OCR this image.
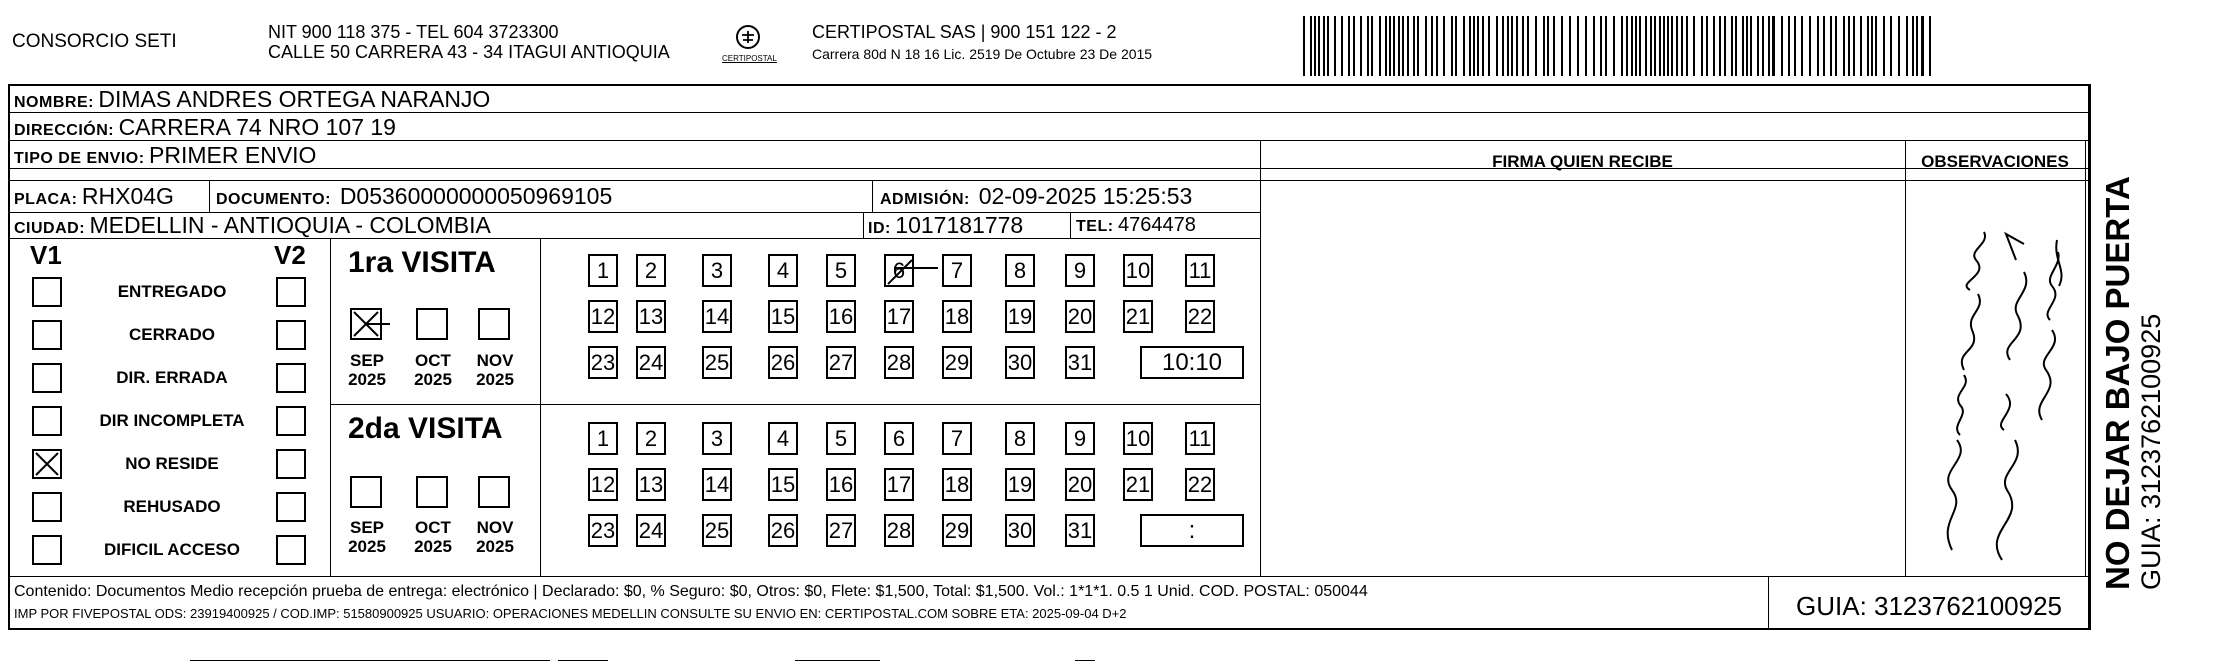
CONSORCIO SETI	NIT 900 118 375 - TEL 604 3723300
CALLE 50 CARRERA 43 - 34 ITAGUI ANTIOQUIA	CERTIPOSTAL
CERTIPOSTAL SAS | 900 151 122 - 2
Carrera 80d N 18 16 Lic. 2519 De Octubre 23 De 2015
NOMBRE: DIMAS ANDRES ORTEGA NARANJO
DIRECCIÓN: CARRERA 74 NRO 107 19
TIPO DE ENVIO: PRIMER ENVIO
PLACA: RHX04G	DOCUMENTO: D05360000000050969105	ADMISIÓN: 02-09-2025 15:25:53
CIUDAD: MEDELLIN - ANTIOQUIA - COLOMBIA	ID: 1017181778	TEL: 4764478
FIRMA QUIEN RECIBE	OBSERVACIONES
V1	V2
ENTREGADO
CERRADO
DIR. ERRADA
DIR INCOMPLETA
NO RESIDE
REHUSADO
DIFICIL ACCESO
1ra VISITA
SEP
2025
OCT
2025
NOV
2025
1	2	3	4	5	6	7	8	9	10 11
12 13 14 15 16 17 18 19 20 21 22
23 24 25 26 27 28 29 30 31	10:10
2da VISITA
SEP
2025
OCT
2025
NOV
2025
1	2	3	4	5	6	7	8	9	10 11
12 13 14 15 16 17 18 19 20 21 22
23 24 25 26 27 28 29 30 31	:	NO DEJAR BAJO PUERTA GUIA: 3123762100925
Contenido: Documentos Medio recepción prueba de entrega: electrónico | Declarado: $0, % Seguro: $0, Otros: $0, Flete: $1,500, Total: $1,500. Vol.: 1*1*1. 0.5 1 Unid. COD. POSTAL: 050044
IMP POR FIVEPOSTAL ODS: 23919400925 / COD.IMP: 51580900925 USUARIO: OPERACIONES MEDELLIN CONSULTE SU ENVIO EN: CERTIPOSTAL.COM SOBRE ETA: 2025-09-04 D+2	GUIA: 3123762100925
